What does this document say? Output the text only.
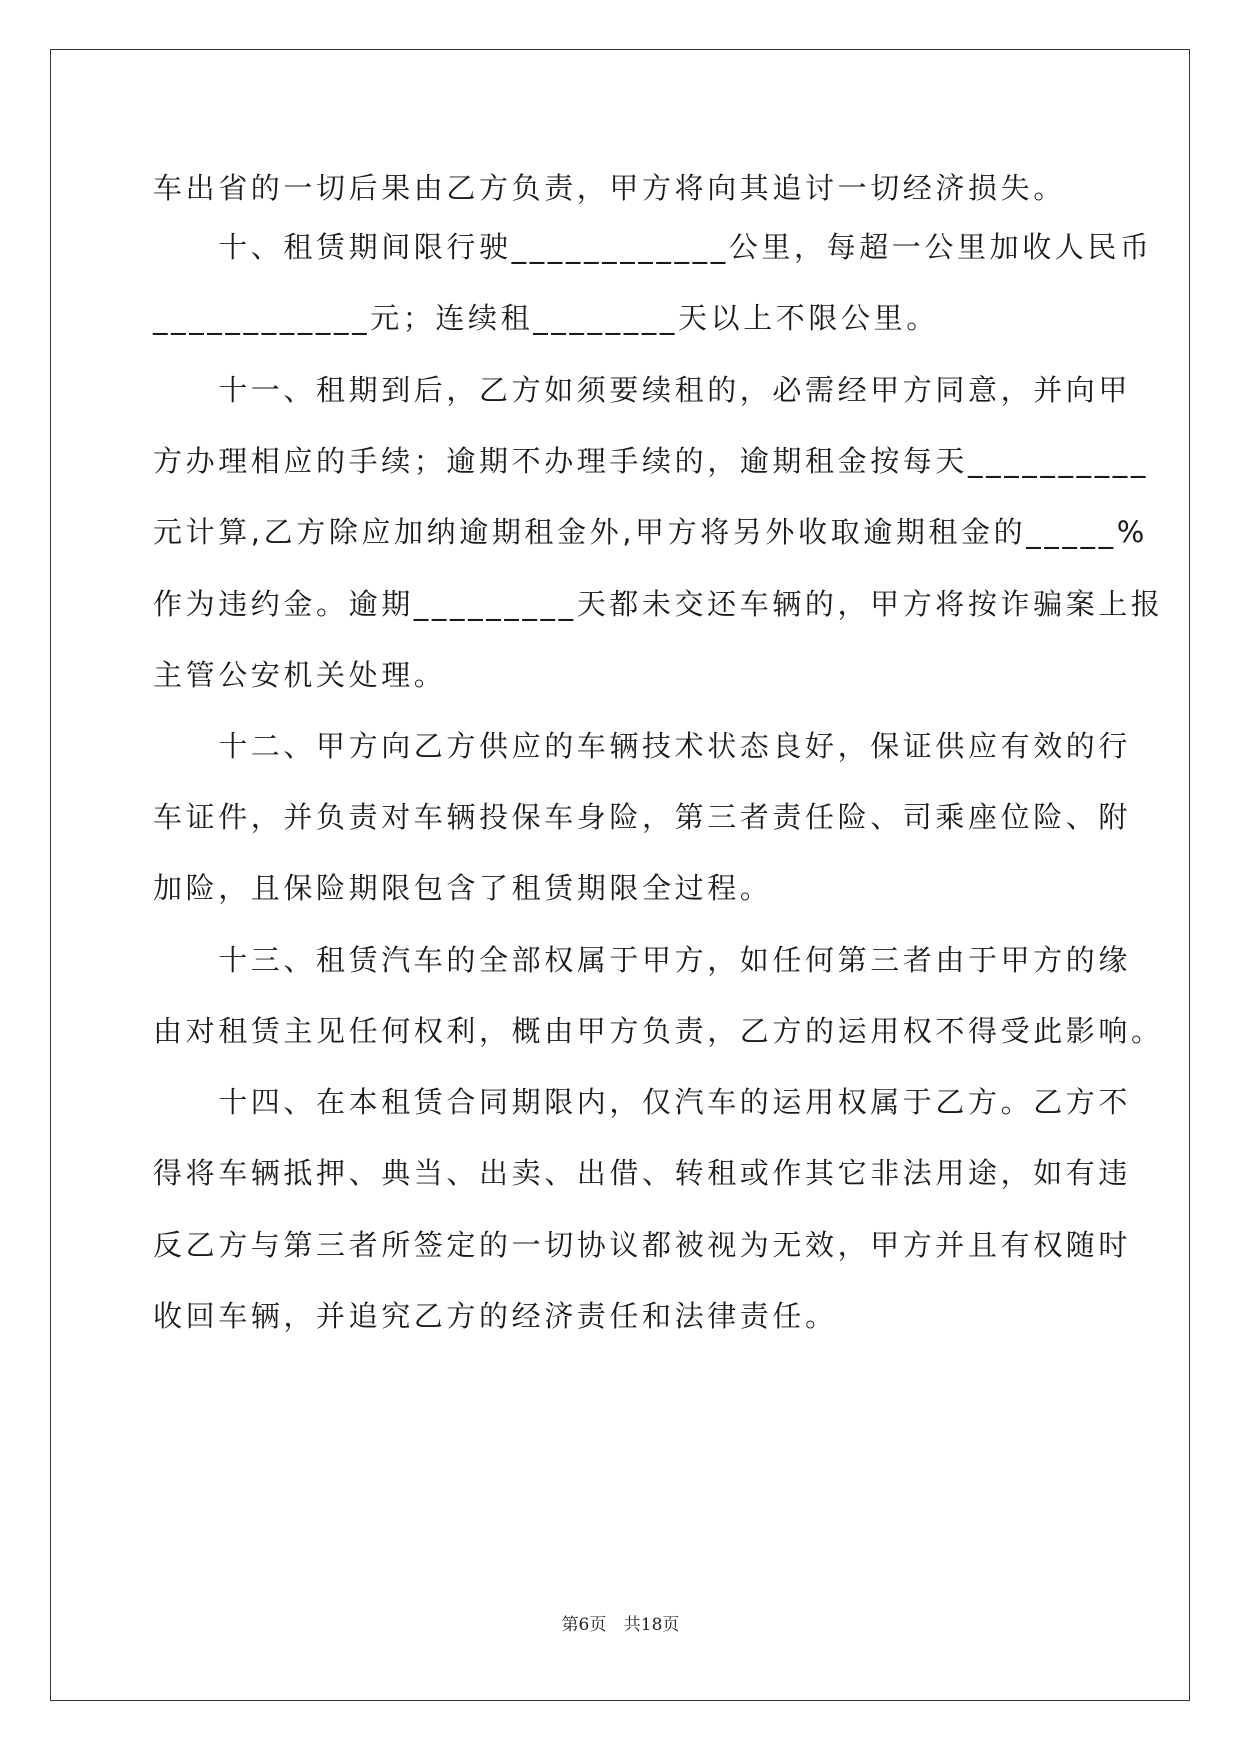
车出省的一切后果由乙方负责，甲方将向其追讨一切经济损失。

　　十、租赁期间限行驶____________公里，每超一公里加收人民币

____________元；连续租________天以上不限公里。

　　十一、租期到后，乙方如须要续租的，必需经甲方同意，并向甲

方办理相应的手续；逾期不办理手续的，逾期租金按每天__________

元计算,乙方除应加纳逾期租金外,甲方将另外收取逾期租金的_____%

作为违约金。逾期_________天都未交还车辆的，甲方将按诈骗案上报

主管公安机关处理。

　　十二、甲方向乙方供应的车辆技术状态良好，保证供应有效的行

车证件，并负责对车辆投保车身险，第三者责任险、司乘座位险、附

加险，且保险期限包含了租赁期限全过程。

　　十三、租赁汽车的全部权属于甲方，如任何第三者由于甲方的缘

由对租赁主见任何权利，概由甲方负责，乙方的运用权不得受此影响。

　　十四、在本租赁合同期限内，仅汽车的运用权属于乙方。乙方不

得将车辆抵押、典当、出卖、出借、转租或作其它非法用途，如有违

反乙方与第三者所签定的一切协议都被视为无效，甲方并且有权随时

收回车辆，并追究乙方的经济责任和法律责任。

第6页 共18页
